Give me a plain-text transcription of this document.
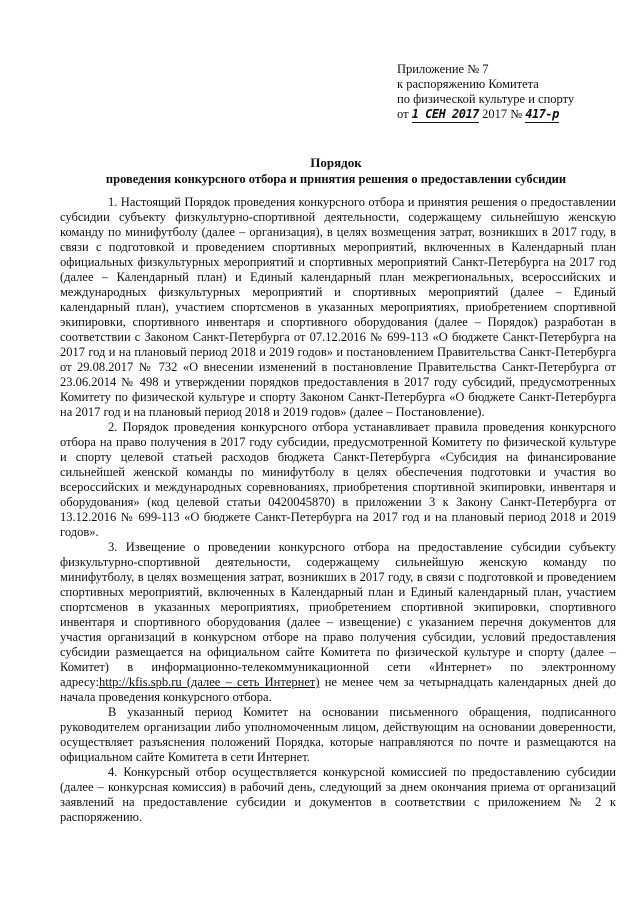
Приложение № 7
к распоряжению Комитета
по физической культуре и спорту
от 1 СЕН 2017 2017 № 417-р
Порядок
проведения конкурсного отбора и принятия решения о предоставлении субсидии

1. Настоящий Порядок проведения конкурсного отбора и принятия решения о предоставлении субсидии субъекту физкультурно-спортивной деятельности, содержащему сильнейшую женскую команду по минифутболу (далее – организация), в целях возмещения затрат, возникших в 2017 году, в связи с подготовкой и проведением спортивных мероприятий, включенных в Календарный план официальных физкультурных мероприятий и спортивных мероприятий Санкт-Петербурга на 2017 год (далее – Календарный план) и Единый календарный план межрегиональных, всероссийских и международных физкультурных мероприятий и спортивных мероприятий (далее – Единый календарный план), участием спортсменов в указанных мероприятиях, приобретением спортивной экипировки, спортивного инвентаря и спортивного оборудования (далее – Порядок) разработан в соответствии с Законом Санкт-Петербурга от 07.12.2016 № 699-113 «О бюджете Санкт-Петербурга на 2017 год и на плановый период 2018 и 2019 годов» и постановлением Правительства Санкт-Петербурга от 29.08.2017 № 732 «О внесении изменений в постановление Правительства Санкт-Петербурга от 23.06.2014 № 498 и утверждении порядков предоставления в 2017 году субсидий, предусмотренных Комитету по физической культуре и спорту Законом Санкт-Петербурга «О бюджете Санкт-Петербурга на 2017 год и на плановый период 2018 и 2019 годов» (далее – Постановление).

2. Порядок проведения конкурсного отбора устанавливает правила проведения конкурсного отбора на право получения в 2017 году субсидии, предусмотренной Комитету по физической культуре и спорту целевой статьей расходов бюджета Санкт-Петербурга «Субсидия на финансирование сильнейшей женской команды по минифутболу в целях обеспечения подготовки и участия во всероссийских и международных соревнованиях, приобретения спортивной экипировки, инвентаря и оборудования» (код целевой статьи 0420045870) в приложении 3 к Закону Санкт-Петербурга от 13.12.2016 № 699-113 «О бюджете Санкт-Петербурга на 2017 год и на плановый период 2018 и 2019 годов».

3. Извещение о проведении конкурсного отбора на предоставление субсидии субъекту физкультурно-спортивной деятельности, содержащему сильнейшую женскую команду по минифутболу, в целях возмещения затрат, возникших в 2017 году, в связи с подготовкой и проведением спортивных мероприятий, включенных в Календарный план и Единый календарный план, участием спортсменов в указанных мероприятиях, приобретением спортивной экипировки, спортивного инвентаря и спортивного оборудования (далее – извещение) с указанием перечня документов для участия организаций в конкурсном отборе на право получения субсидии, условий предоставления субсидии размещается на официальном сайте Комитета по физической культуре и спорту (далее – Комитет) в информационно-телекоммуникационной сети «Интернет» по электронному адресу:http://kfis.spb.ru (далее – сеть Интернет) не менее чем за четырнадцать календарных дней до начала проведения конкурсного отбора.

В указанный период Комитет на основании письменного обращения, подписанного руководителем организации либо уполномоченным лицом, действующим на основании доверенности, осуществляет разъяснения положений Порядка, которые направляются по почте и размещаются на официальном сайте Комитета в сети Интернет.

4. Конкурсный отбор осуществляется конкурсной комиссией по предоставлению субсидии (далее – конкурсная комиссия) в рабочий день, следующий за днем окончания приема от организаций заявлений на предоставление субсидии и документов в соответствии с приложением № 2 к распоряжению.
